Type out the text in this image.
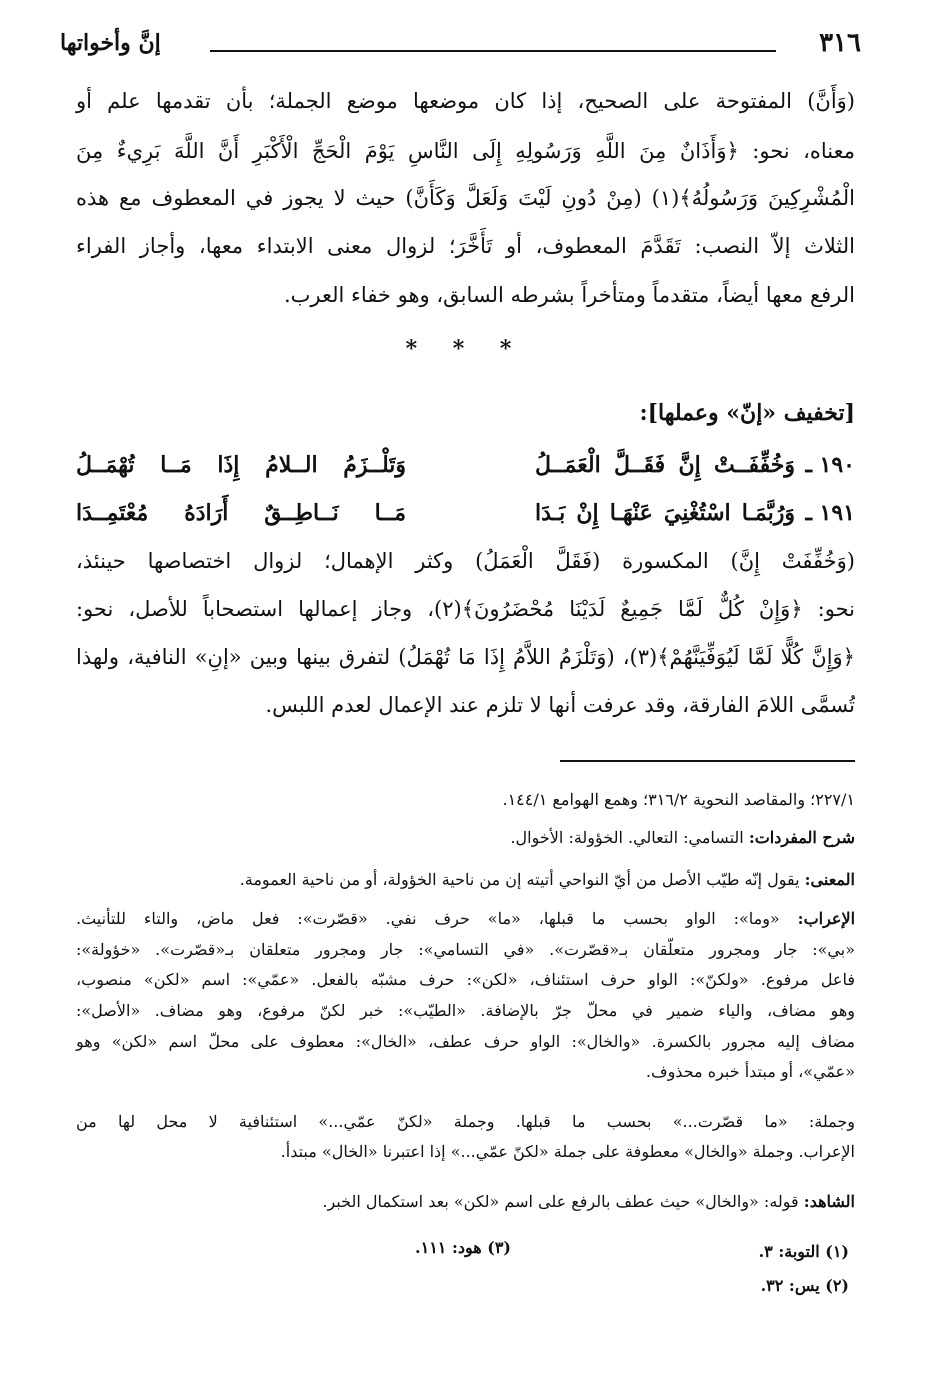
٣١٦
إنَّ وأخواتها
(وَأَنَّ) المفتوحة على الصحيح، إذا كان موضعها موضع الجملة؛ بأن تقدمها علم أو
معناه، نحو: ﴿وَأَذَانٌ مِنَ اللَّهِ وَرَسُولِهِ إِلَى النَّاسِ يَوْمَ الْحَجِّ الْأَكْبَرِ أَنَّ اللَّهَ بَرِيءٌ مِنَ
الْمُشْرِكِينَ وَرَسُولُهُ﴾(١) (مِنْ دُونِ لَيْتَ وَلَعَلَّ وَكَأَنَّ) حيث لا يجوز في المعطوف مع هذه
الثلاث إلاّ النصب: تَقَدَّمَ المعطوف، أو تَأَخَّرَ؛ لزوال معنى الابتداء معها، وأجاز الفراء
الرفع معها أيضاً، متقدماً ومتأخراً بشرطه السابق، وهو خفاء العرب.
* * *
[تخفيف «إنّ» وعملها]:
١٩٠ ـ
وَخُفِّفَــتْ إِنَّ فَقَــلَّ الْعَمَــلُ
وَتَلْــزَمُ الــلامُ إِذَا مَــا تُهْمَــلُ
١٩١ ـ
وَرُبَّمَـا اسْتُغْنِيَ عَنْهَـا إِنْ بَـدَا
مَــا نَــاطِــقٌ أَرَادَهُ مُعْتَمِــدَا
(وَخُفِّفَتْ إِنَّ) المكسورة (فَقَلَّ الْعَمَلُ) وكثر الإهمال؛ لزوال اختصاصها حينئذ،
نحو: ﴿وَإِنْ كُلٌّ لَمَّا جَمِيعٌ لَدَيْنَا مُحْضَرُونَ﴾(٢)، وجاز إعمالها استصحاباً للأصل، نحو:
﴿وَإِنَّ كُلًّا لَمَّا لَيُوَفِّيَنَّهُمْ﴾(٣)، (وَتَلْزَمُ اللاَّمُ إِذَا مَا تُهْمَلُ) لتفرق بينها وبين «إنِ» النافية، ولهذا
تُسمَّى اللامَ الفارقة، وقد عرفت أنها لا تلزم عند الإعمال لعدم اللبس.
٢٢٧/١؛ والمقاصد النحوية ٣١٦/٢؛ وهمع الهوامع ١٤٤/١.
شرح المفردات: التسامي: التعالي. الخؤولة: الأخوال.
المعنى: يقول إنّه طيّب الأصل من أيّ النواحي أتيته إن من ناحية الخؤولة، أو من ناحية العمومة.
الإعراب: «وما»: الواو بحسب ما قبلها، «ما» حرف نفي. «قصّرت»: فعل ماض، والتاء للتأنيث.
«بي»: جار ومجرور متعلّقان بـ«قصّرت». «في التسامي»: جار ومجرور متعلقان بـ«قصّرت». «خؤولة»:
فاعل مرفوع. «ولكنّ»: الواو حرف استئناف، «لكن»: حرف مشبّه بالفعل. «عمّي»: اسم «لكن» منصوب،
وهو مضاف، والياء ضمير في محلّ جرّ بالإضافة. «الطيّب»: خبر لكنّ مرفوع، وهو مضاف. «الأصل»:
مضاف إليه مجرور بالكسرة. «والخال»: الواو حرف عطف، «الخال»: معطوف على محلّ اسم «لكن» وهو
«عمّي»، أو مبتدأ خبره محذوف.
وجملة: «ما قصّرت...» بحسب ما قبلها. وجملة «لكنّ عمّي...» استئنافية لا محل لها من
الإعراب. وجملة «والخال» معطوفة على جملة «لكنّ عمّي...» إذا اعتبرنا «الخال» مبتدأ.
الشاهد: قوله: «والخال» حيث عطف بالرفع على اسم «لكن» بعد استكمال الخبر.
(١) التوبة: ٣.
(٢) يس: ٣٢.
(٣) هود: ١١١.
